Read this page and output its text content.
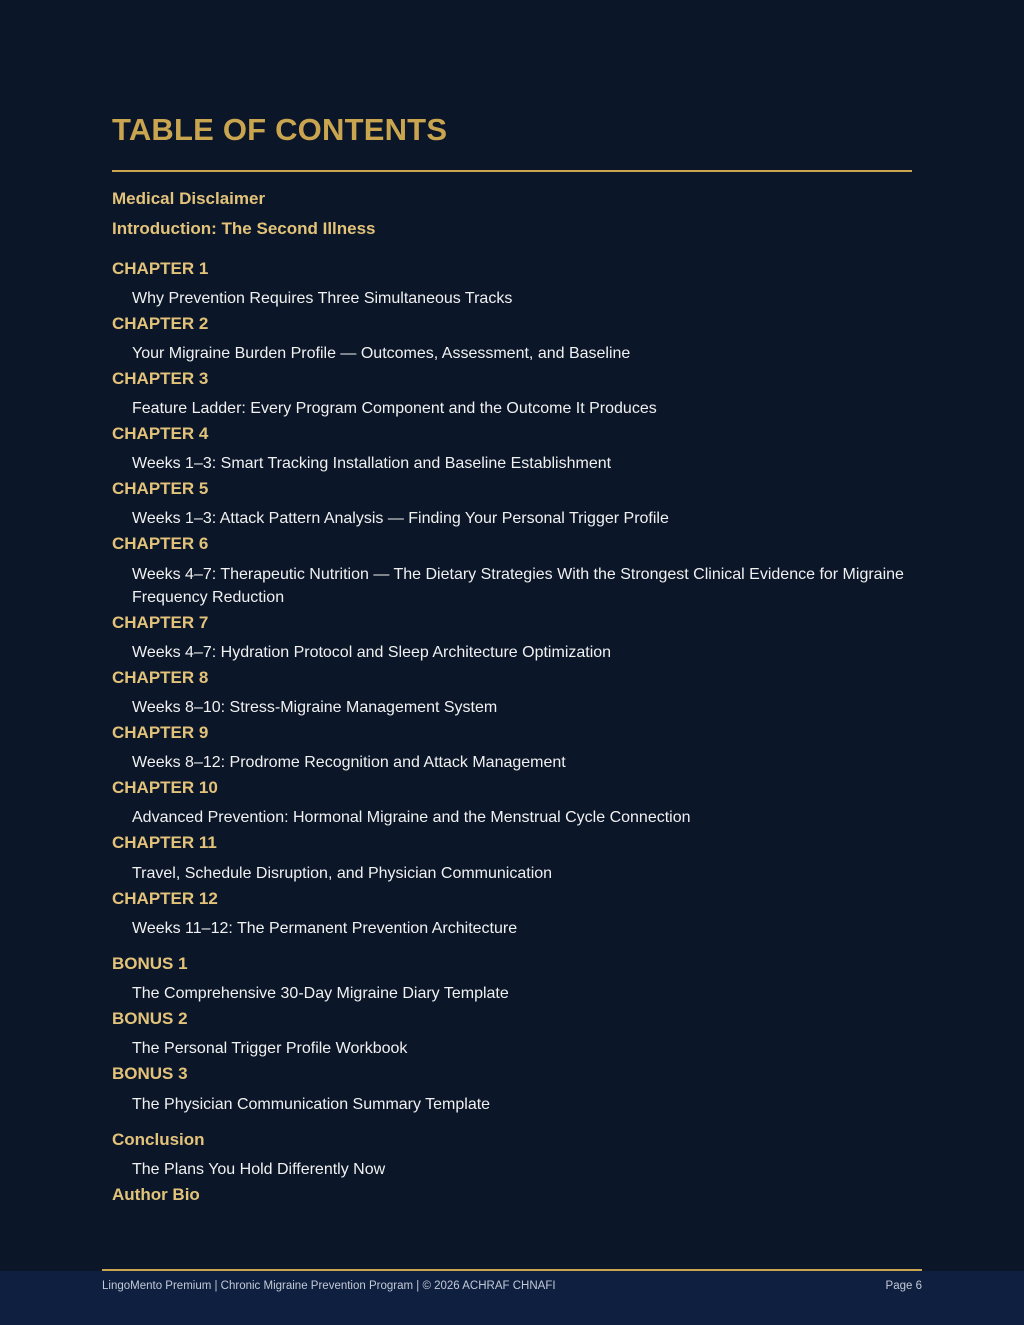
TABLE OF CONTENTS
Medical Disclaimer
Introduction: The Second Illness
CHAPTER 1
Why Prevention Requires Three Simultaneous Tracks
CHAPTER 2
Your Migraine Burden Profile — Outcomes, Assessment, and Baseline
CHAPTER 3
Feature Ladder: Every Program Component and the Outcome It Produces
CHAPTER 4
Weeks 1–3: Smart Tracking Installation and Baseline Establishment
CHAPTER 5
Weeks 1–3: Attack Pattern Analysis — Finding Your Personal Trigger Profile
CHAPTER 6
Weeks 4–7: Therapeutic Nutrition — The Dietary Strategies With the Strongest Clinical Evidence for Migraine Frequency Reduction
CHAPTER 7
Weeks 4–7: Hydration Protocol and Sleep Architecture Optimization
CHAPTER 8
Weeks 8–10: Stress-Migraine Management System
CHAPTER 9
Weeks 8–12: Prodrome Recognition and Attack Management
CHAPTER 10
Advanced Prevention: Hormonal Migraine and the Menstrual Cycle Connection
CHAPTER 11
Travel, Schedule Disruption, and Physician Communication
CHAPTER 12
Weeks 11–12: The Permanent Prevention Architecture
BONUS 1
The Comprehensive 30-Day Migraine Diary Template
BONUS 2
The Personal Trigger Profile Workbook
BONUS 3
The Physician Communication Summary Template
Conclusion
The Plans You Hold Differently Now
Author Bio
LingoMento Premium | Chronic Migraine Prevention Program | © 2026 ACHRAF CHNAFI	Page 6
